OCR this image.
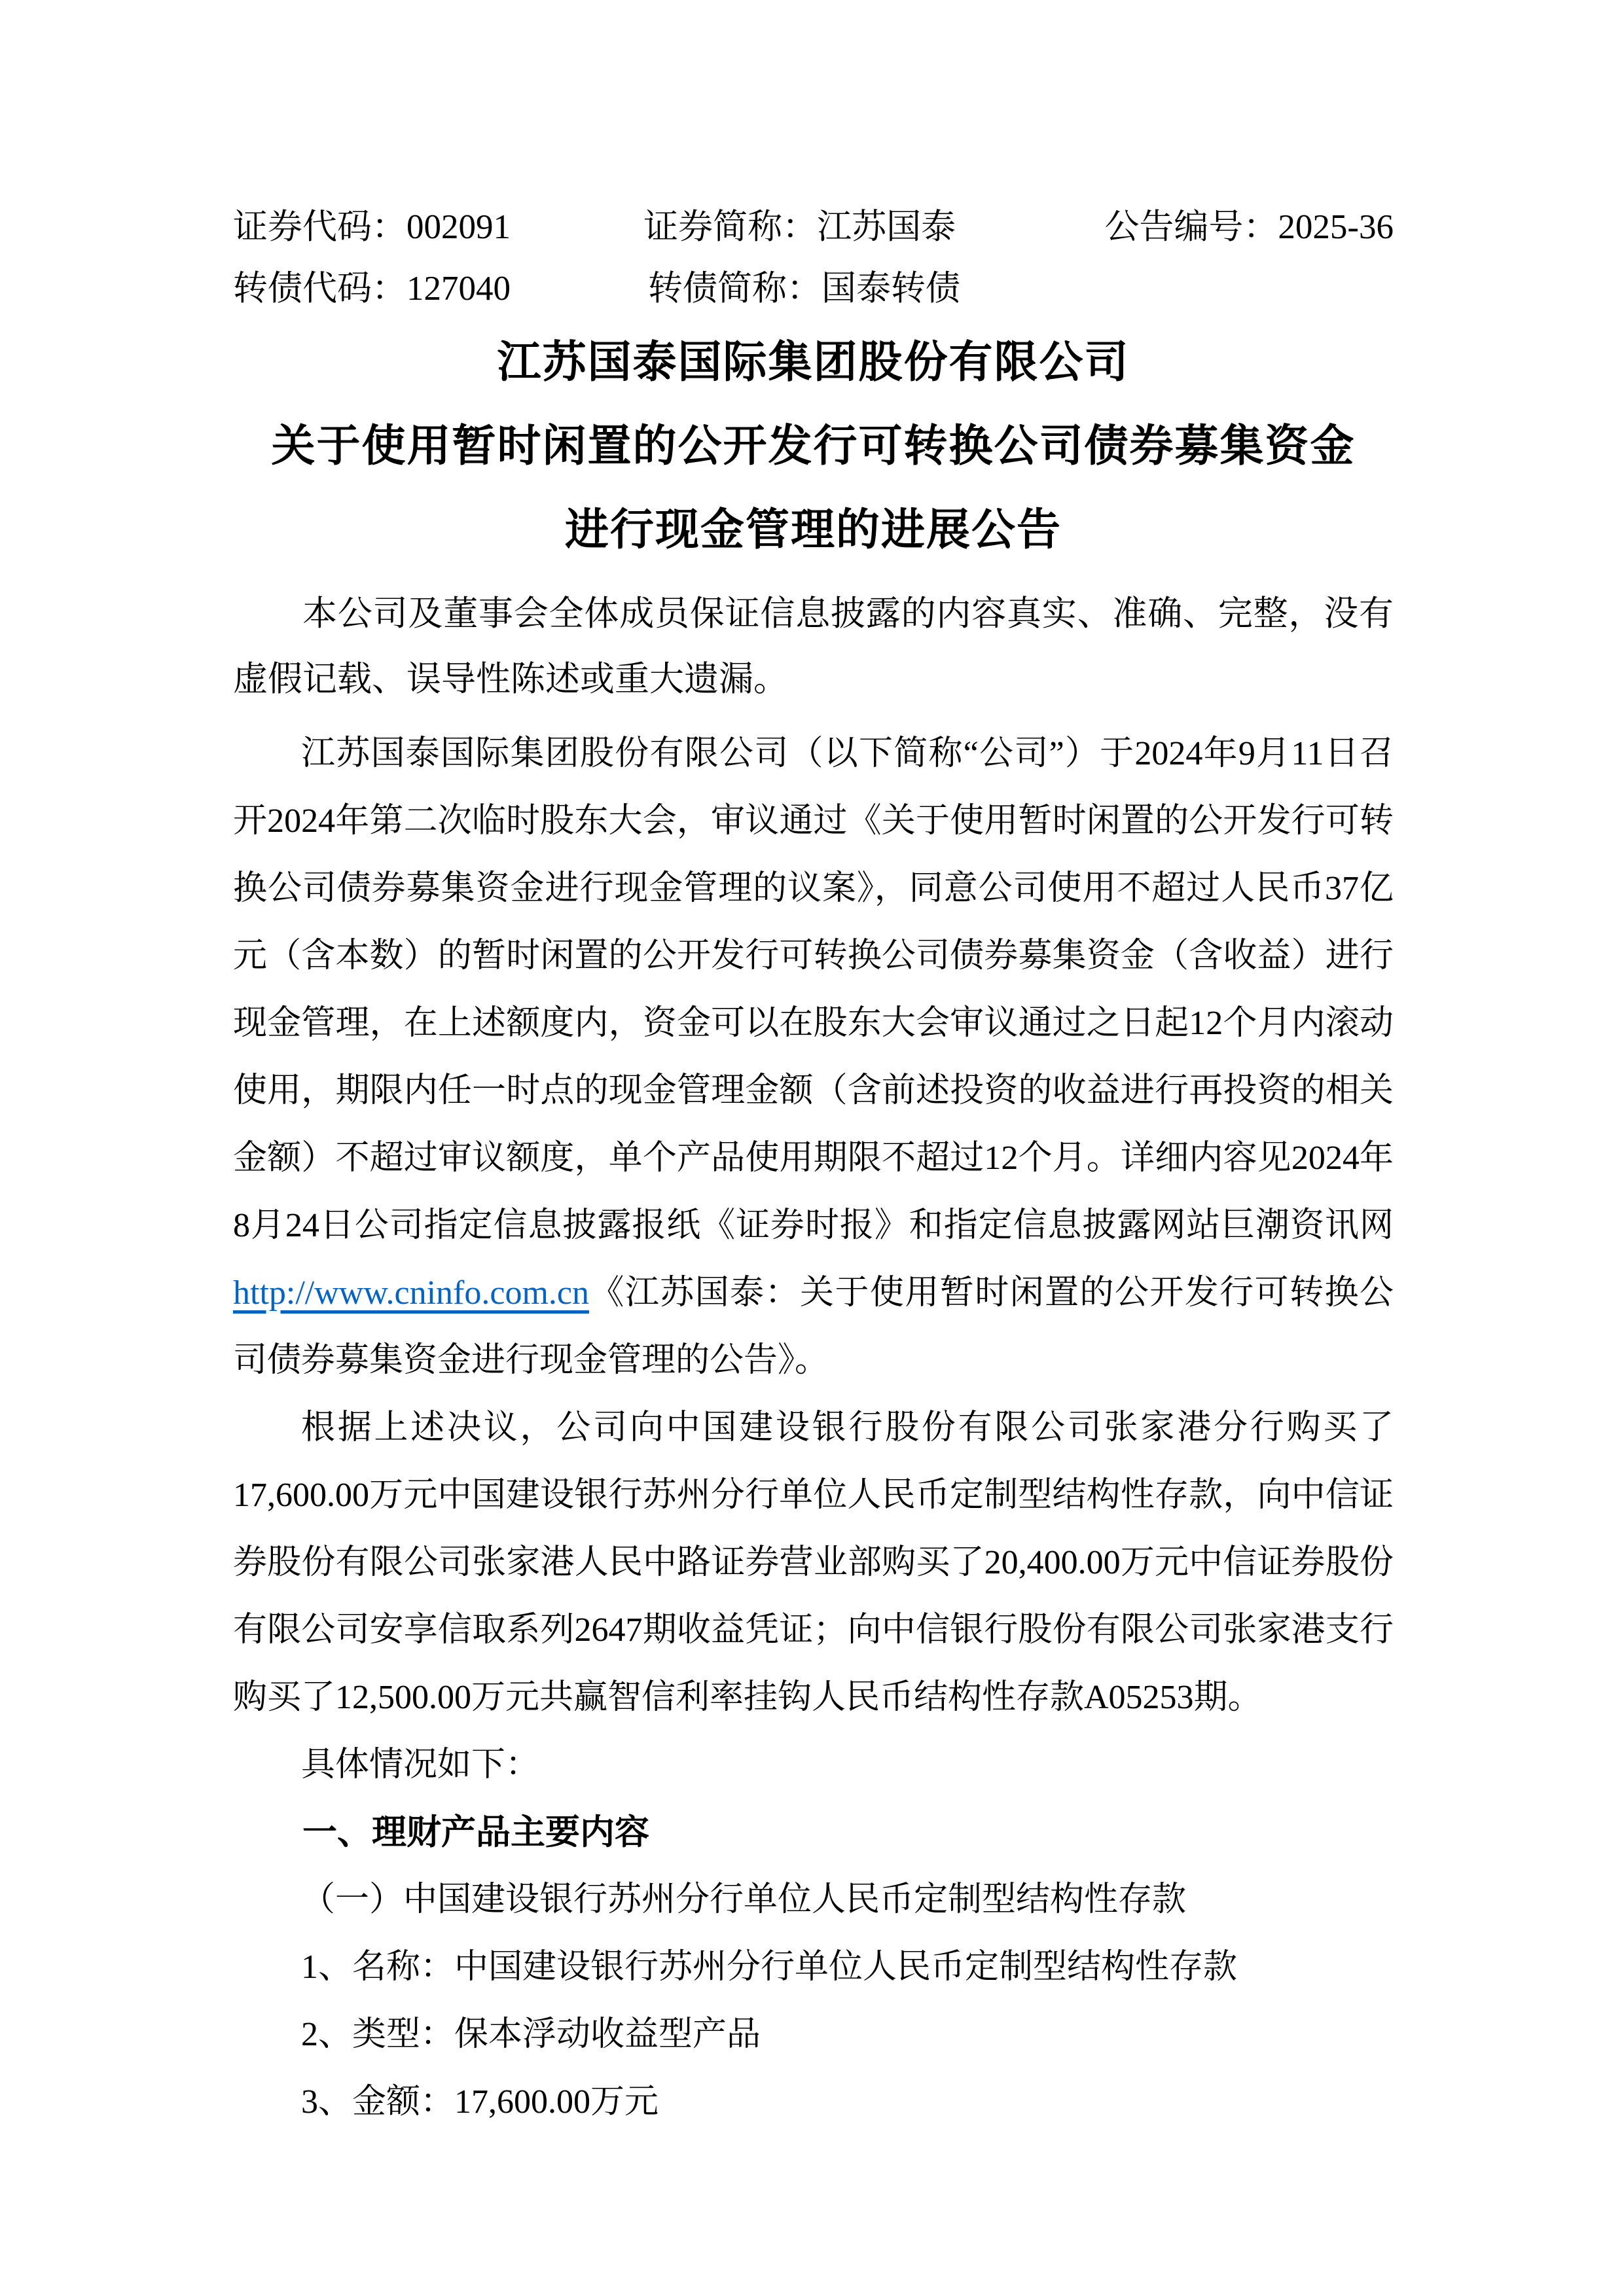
证券代码：002091	证券简称：江苏国泰	公告编号：2025-36
转债代码：127040	转债简称：国泰转债
江苏国泰国际集团股份有限公司
关于使用暂时闲置的公开发行可转换公司债券募集资金
进行现金管理的进展公告

本公司及董事会全体成员保证信息披露的内容真实、准确、完整，没有虚假记载、误导性陈述或重大遗漏。

江苏国泰国际集团股份有限公司（以下简称“公司”）于2024年9月11日召开2024年第二次临时股东大会，审议通过《关于使用暂时闲置的公开发行可转换公司债券募集资金进行现金管理的议案》，同意公司使用不超过人民币37亿元（含本数）的暂时闲置的公开发行可转换公司债券募集资金（含收益）进行现金管理，在上述额度内，资金可以在股东大会审议通过之日起12个月内滚动使用，期限内任一时点的现金管理金额（含前述投资的收益进行再投资的相关金额）不超过审议额度，单个产品使用期限不超过12个月。详细内容见2024年8月24日公司指定信息披露报纸《证券时报》和指定信息披露网站巨潮资讯网http://www.cninfo.com.cn《江苏国泰：关于使用暂时闲置的公开发行可转换公司债券募集资金进行现金管理的公告》。

根据上述决议，公司向中国建设银行股份有限公司张家港分行购买了17,600.00万元中国建设银行苏州分行单位人民币定制型结构性存款，向中信证券股份有限公司张家港人民中路证券营业部购买了20,400.00万元中信证券股份有限公司安享信取系列2647期收益凭证；向中信银行股份有限公司张家港支行购买了12,500.00万元共赢智信利率挂钩人民币结构性存款A05253期。

具体情况如下：

一、理财产品主要内容

（一）中国建设银行苏州分行单位人民币定制型结构性存款

1、名称：中国建设银行苏州分行单位人民币定制型结构性存款

2、类型：保本浮动收益型产品

3、金额：17,600.00万元
